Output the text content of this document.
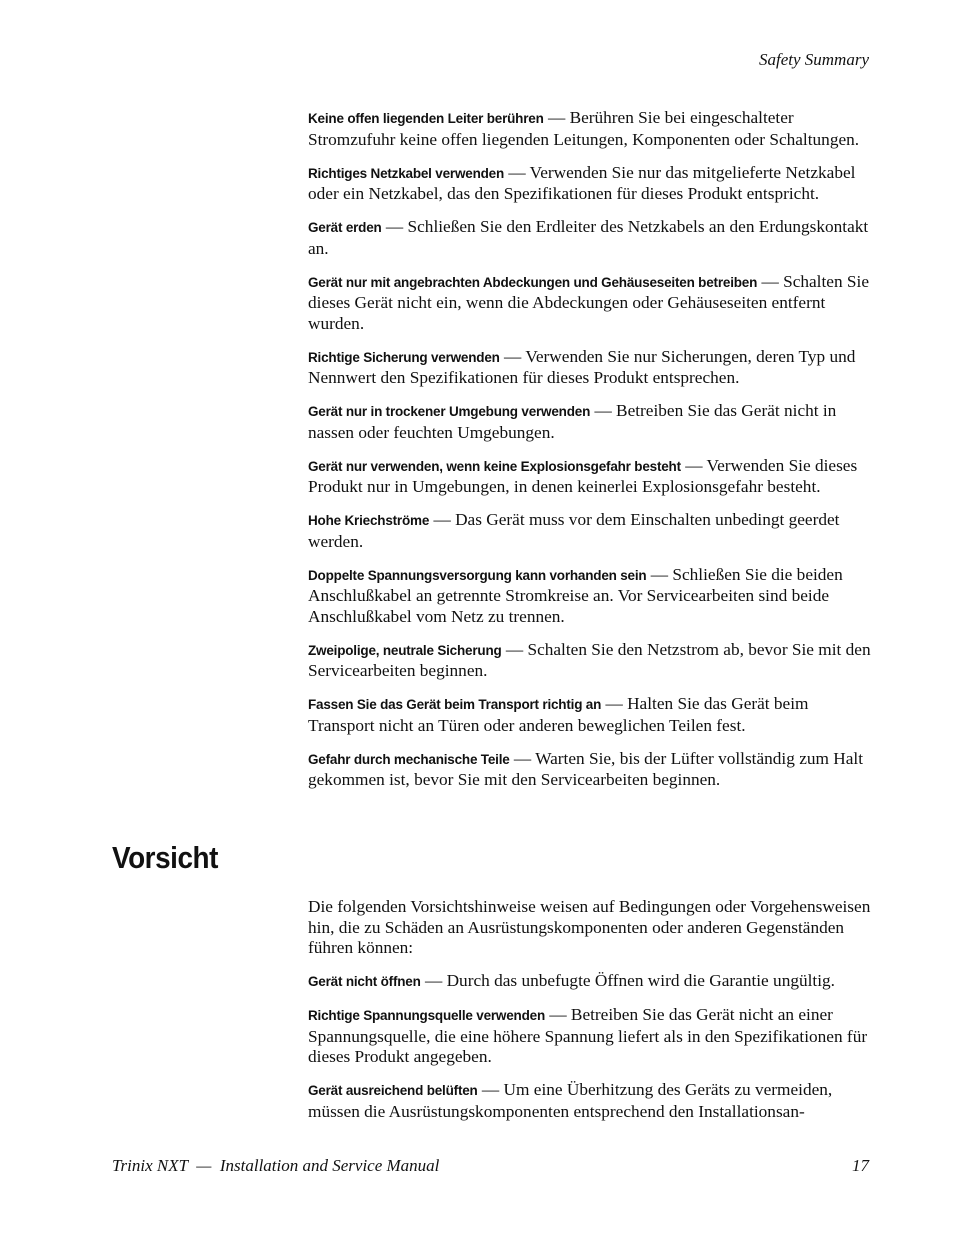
Safety Summary

Keine offen liegenden Leiter berühren — Berühren Sie bei eingeschalteter Stromzufuhr keine offen liegenden Leitungen, Komponenten oder Schaltungen.

Richtiges Netzkabel verwenden — Verwenden Sie nur das mitgelieferte Netzkabel oder ein Netzkabel, das den Spezifikationen für dieses Produkt entspricht.

Gerät erden — Schließen Sie den Erdleiter des Netzkabels an den Erdungskontakt an.

Gerät nur mit angebrachten Abdeckungen und Gehäuseseiten betreiben — Schalten Sie dieses Gerät nicht ein, wenn die Abdeckungen oder Gehäuseseiten entfernt wurden.

Richtige Sicherung verwenden — Verwenden Sie nur Sicherungen, deren Typ und Nennwert den Spezifikationen für dieses Produkt entsprechen.

Gerät nur in trockener Umgebung verwenden — Betreiben Sie das Gerät nicht in nassen oder feuchten Umgebungen.

Gerät nur verwenden, wenn keine Explosionsgefahr besteht — Verwenden Sie dieses Produkt nur in Umgebungen, in denen keinerlei Explosionsgefahr besteht.

Hohe Kriechströme — Das Gerät muss vor dem Einschalten unbedingt geerdet werden.

Doppelte Spannungsversorgung kann vorhanden sein — Schließen Sie die beiden Anschlußkabel an getrennte Stromkreise an. Vor Servicearbeiten sind beide Anschlußkabel vom Netz zu trennen.

Zweipolige, neutrale Sicherung — Schalten Sie den Netzstrom ab, bevor Sie mit den Servicearbeiten beginnen.

Fassen Sie das Gerät beim Transport richtig an — Halten Sie das Gerät beim Transport nicht an Türen oder anderen beweglichen Teilen fest.

Gefahr durch mechanische Teile — Warten Sie, bis der Lüfter vollständig zum Halt gekommen ist, bevor Sie mit den Servicearbeiten beginnen.

Vorsicht

Die folgenden Vorsichtshinweise weisen auf Bedingungen oder Vorgehensweisen hin, die zu Schäden an Ausrüstungskomponenten oder anderen Gegenständen führen können:

Gerät nicht öffnen — Durch das unbefugte Öffnen wird die Garantie ungültig.

Richtige Spannungsquelle verwenden — Betreiben Sie das Gerät nicht an einer Spannungsquelle, die eine höhere Spannung liefert als in den Spezifikationen für dieses Produkt angegeben.

Gerät ausreichend belüften — Um eine Überhitzung des Geräts zu vermeiden, müssen die Ausrüstungskomponenten entsprechend den Installationsan-

Trinix NXT  —  Installation and Service Manual	17
